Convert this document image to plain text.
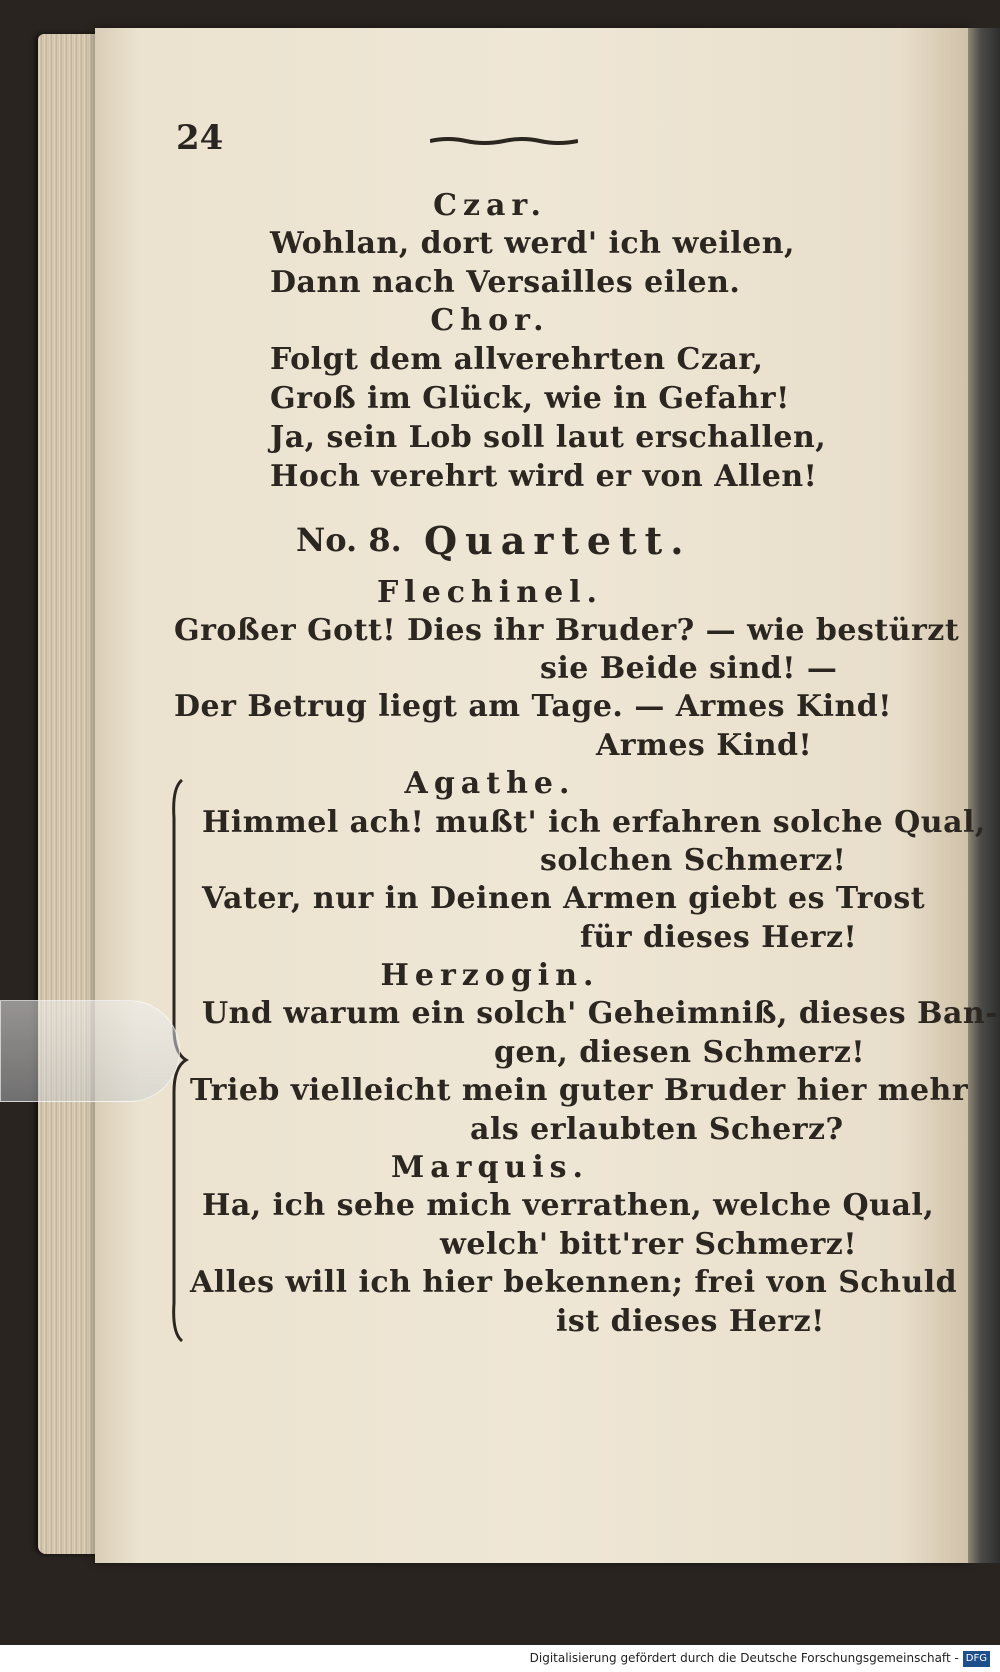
24
Czar.
Wohlan, dort werd' ich weilen,
Dann nach Versailles eilen.
Chor.
Folgt dem allverehrten Czar,
Groß im Glück, wie in Gefahr!
Ja, sein Lob soll laut erschallen,
Hoch verehrt wird er von Allen!
No. 8. Quartett.
Flechinel.
Großer Gott! Dies ihr Bruder? — wie bestürzt
sie Beide sind! —
Der Betrug liegt am Tage. — Armes Kind!
Armes Kind!
Agathe.
Himmel ach! mußt' ich erfahren solche Qual,
solchen Schmerz!
Vater, nur in Deinen Armen giebt es Trost
für dieses Herz!
Herzogin.
Und warum ein solch' Geheimniß, dieses Ban-
gen, diesen Schmerz!
Trieb vielleicht mein guter Bruder hier mehr
als erlaubten Scherz?
Marquis.
Ha, ich sehe mich verrathen, welche Qual,
welch' bitt'rer Schmerz!
Alles will ich hier bekennen; frei von Schuld
ist dieses Herz!
Digitalisierung gefördert durch die Deutsche Forschungsgemeinschaft - DFG
